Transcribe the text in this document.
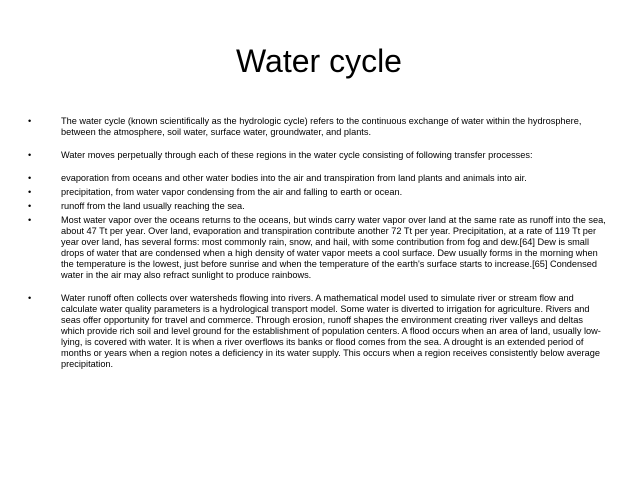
Water cycle
•	The water cycle (known scientifically as the hydrologic cycle) refers to the continuous exchange of water within the hydrosphere, between the atmosphere, soil water, surface water, groundwater, and plants.
•	Water moves perpetually through each of these regions in the water cycle consisting of following transfer processes:
•	evaporation from oceans and other water bodies into the air and transpiration from land plants and animals into air.
•	precipitation, from water vapor condensing from the air and falling to earth or ocean.
•	runoff from the land usually reaching the sea.
•	Most water vapor over the oceans returns to the oceans, but winds carry water vapor over land at the same rate as runoff into the sea, about 47 Tt per year. Over land, evaporation and transpiration contribute another 72 Tt per year. Precipitation, at a rate of 119 Tt per year over land, has several forms: most commonly rain, snow, and hail, with some contribution from fog and dew.[64] Dew is small drops of water that are condensed when a high density of water vapor meets a cool surface. Dew usually forms in the morning when the temperature is the lowest, just before sunrise and when the temperature of the earth's surface starts to increase.[65] Condensed water in the air may also refract sunlight to produce rainbows.
•	Water runoff often collects over watersheds flowing into rivers. A mathematical model used to simulate river or stream flow and calculate water quality parameters is a hydrological transport model. Some water is diverted to irrigation for agriculture. Rivers and seas offer opportunity for travel and commerce. Through erosion, runoff shapes the environment creating river valleys and deltas which provide rich soil and level ground for the establishment of population centers. A flood occurs when an area of land, usually low-lying, is covered with water. It is when a river overflows its banks or flood comes from the sea. A drought is an extended period of months or years when a region notes a deficiency in its water supply. This occurs when a region receives consistently below average precipitation.
